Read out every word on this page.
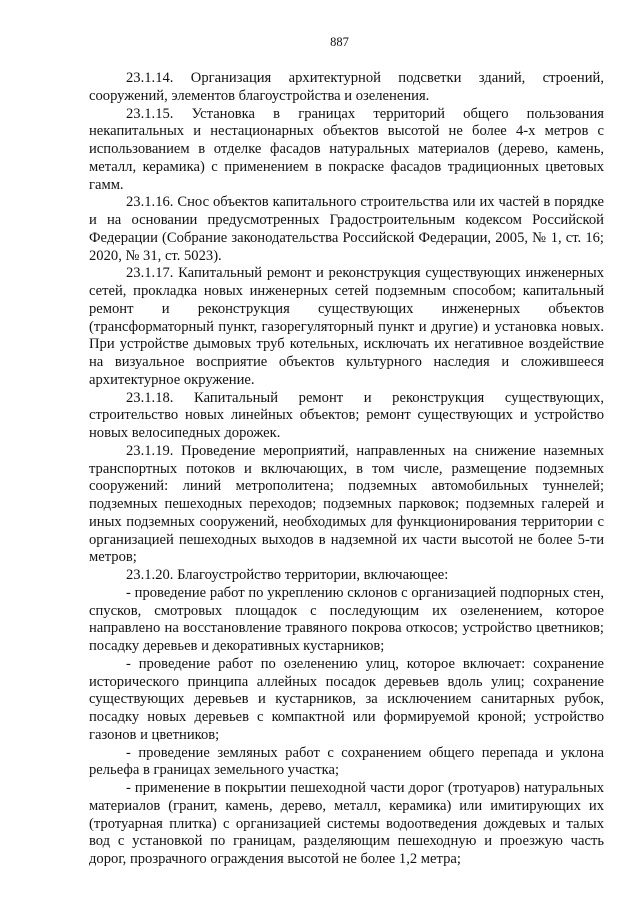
887

23.1.14. Организация архитектурной подсветки зданий, строений, сооружений, элементов благоустройства и озеленения.

23.1.15. Установка в границах территорий общего пользования некапитальных и нестационарных объектов высотой не более 4-х метров с использованием в отделке фасадов натуральных материалов (дерево, камень, металл, керамика) с применением в покраске фасадов традиционных цветовых гамм.

23.1.16. Снос объектов капитального строительства или их частей в порядке и на основании предусмотренных Градостроительным кодексом Российской Федерации (Собрание законодательства Российской Федерации, 2005, № 1, ст. 16; 2020, № 31, ст. 5023).

23.1.17. Капитальный ремонт и реконструкция существующих инженерных сетей, прокладка новых инженерных сетей подземным способом; капитальный ремонт и реконструкция существующих инженерных объектов (трансформаторный пункт, газорегуляторный пункт и другие) и установка новых. При устройстве дымовых труб котельных, исключать их негативное воздействие на визуальное восприятие объектов культурного наследия и сложившееся архитектурное окружение.

23.1.18. Капитальный ремонт и реконструкция существующих, строительство новых линейных объектов; ремонт существующих и устройство новых велосипедных дорожек.

23.1.19. Проведение мероприятий, направленных на снижение наземных транспортных потоков и включающих, в том числе, размещение подземных сооружений: линий метрополитена; подземных автомобильных туннелей; подземных пешеходных переходов; подземных парковок; подземных галерей и иных подземных сооружений, необходимых для функционирования территории с организацией пешеходных выходов в надземной их части высотой не более 5-ти метров;

23.1.20. Благоустройство территории, включающее:

- проведение работ по укреплению склонов с организацией подпорных стен, спусков, смотровых площадок с последующим их озеленением, которое направлено на восстановление травяного покрова откосов; устройство цветников; посадку деревьев и декоративных кустарников;

- проведение работ по озеленению улиц, которое включает: сохранение исторического принципа аллейных посадок деревьев вдоль улиц; сохранение существующих деревьев и кустарников, за исключением санитарных рубок, посадку новых деревьев с компактной или формируемой кроной; устройство газонов и цветников;

- проведение земляных работ с сохранением общего перепада и уклона рельефа в границах земельного участка;

- применение в покрытии пешеходной части дорог (тротуаров) натуральных материалов (гранит, камень, дерево, металл, керамика) или имитирующих их (тротуарная плитка) с организацией системы водоотведения дождевых и талых вод с установкой по границам, разделяющим пешеходную и проезжую часть дорог, прозрачного ограждения высотой не более 1,2 метра;
